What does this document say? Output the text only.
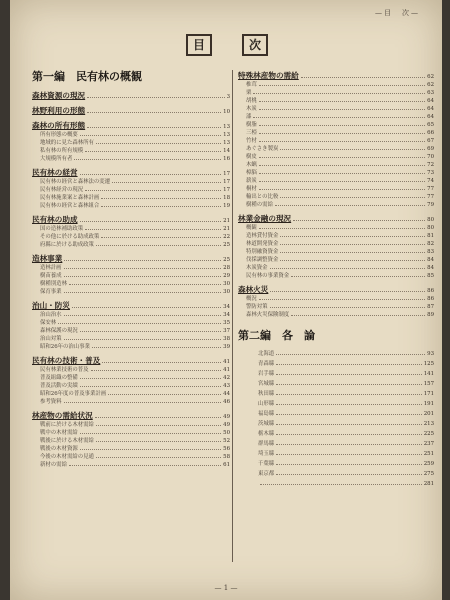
—目　次—
目	次
第一編　民有林の概観
森林資源の現況	3
林野利用の形態	10
森林の所有形態	13
所有形態の概要	13
地域的に見た森林所有	13
私有林の所有規模	14
大規模所有者	16
民有林の経営	17
民有林の経営と森林法の変遷	17
民有林経営の現況	17
民有林施業案と森林計画	18
民有林の経営と森林組合	19
民有林の助成	21
国の造林補助政策	21
その他に於ける助成政策	22
府縣に於ける助成政策	25
造林事業	25
造林計画	28
樹苗養成	29
樹種別造林	30
保育事業	30
治山・防災	34
治山治水	34
保安林	35
森林保護の現況	37
治山対策	38
昭和26年の治山事業	39
民有林の技術・普及	41
民有林業技術の普及	41
普及組織の整備	42
普及活動の実績	43
昭和26年度の普及事業計画	44
参考資料	46
林産物の需給状況	49
戦前に於ける木材需給	49
戦中の木材需給	50
戦後に於ける木材需給	52
戦後の木材資源	56
今後の木材需給の見通	58
新材の需給	61
特殊林産物の需給	62
椎茸	62
栗	63
胡桃	64
木炭	64
漆	64
樹脂	65
三椏	66
竹材	67
あぐさき製炭	69
樹皮	70
木蝋	72
樟脳	73
薪炭	74
桐材	77
輸出との比較	77
樹種の需給	79
林業金融の現況	80
概観	80
造林貸付資金	81
林道開発資金	82
特別融資資金	83
伐採調整資金	84
木炭資金	84
民有林の事業資金	85
森林火災	86
概況	86
警防対策	87
森林火災保険制度	89
第二編　各　論
北海道	93
青森縣	125
岩手縣	141
宮城縣	157
秋田縣	171
山形縣	191
福島縣	201
茨城縣	213
栃木縣	225
群馬縣	237
埼玉縣	251
千葉縣	259
東京都	275
281
— 1 —
